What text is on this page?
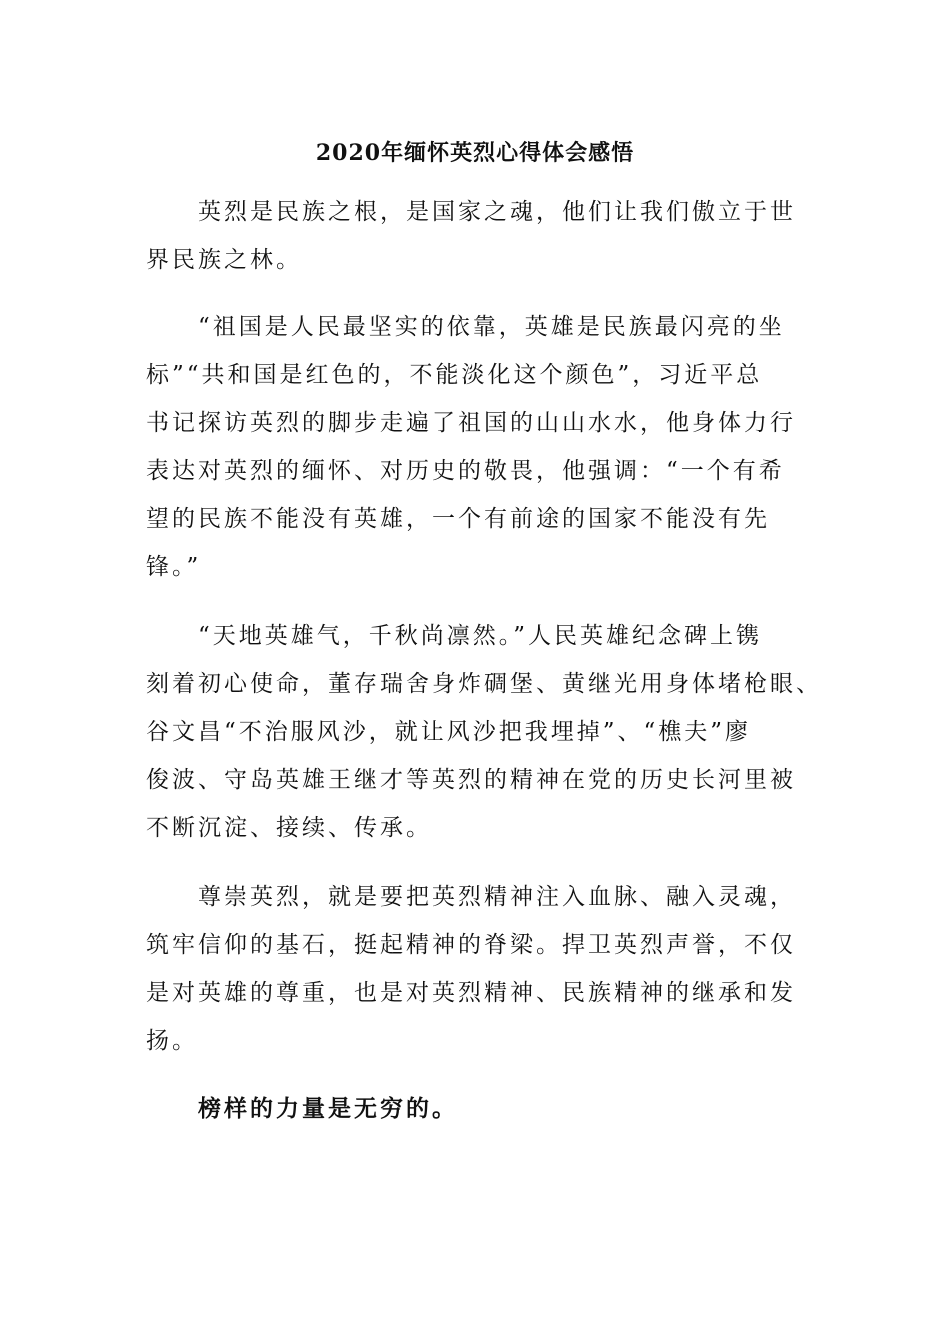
2020年缅怀英烈心得体会感悟

　　英烈是民族之根，是国家之魂，他们让我们傲立于世
界民族之林。

　　“祖国是人民最坚实的依靠，英雄是民族最闪亮的坐
标”“共和国是红色的，不能淡化这个颜色”，习近平总
书记探访英烈的脚步走遍了祖国的山山水水，他身体力行
表达对英烈的缅怀、对历史的敬畏，他强调：“一个有希
望的民族不能没有英雄，一个有前途的国家不能没有先
锋。”

　　“天地英雄气，千秋尚凛然。”人民英雄纪念碑上镌
刻着初心使命，董存瑞舍身炸碉堡、黄继光用身体堵枪眼、
谷文昌“不治服风沙，就让风沙把我埋掉”、“樵夫”廖
俊波、守岛英雄王继才等英烈的精神在党的历史长河里被
不断沉淀、接续、传承。

　　尊崇英烈，就是要把英烈精神注入血脉、融入灵魂，
筑牢信仰的基石，挺起精神的脊梁。捍卫英烈声誉，不仅
是对英雄的尊重，也是对英烈精神、民族精神的继承和发
扬。

　　榜样的力量是无穷的。
